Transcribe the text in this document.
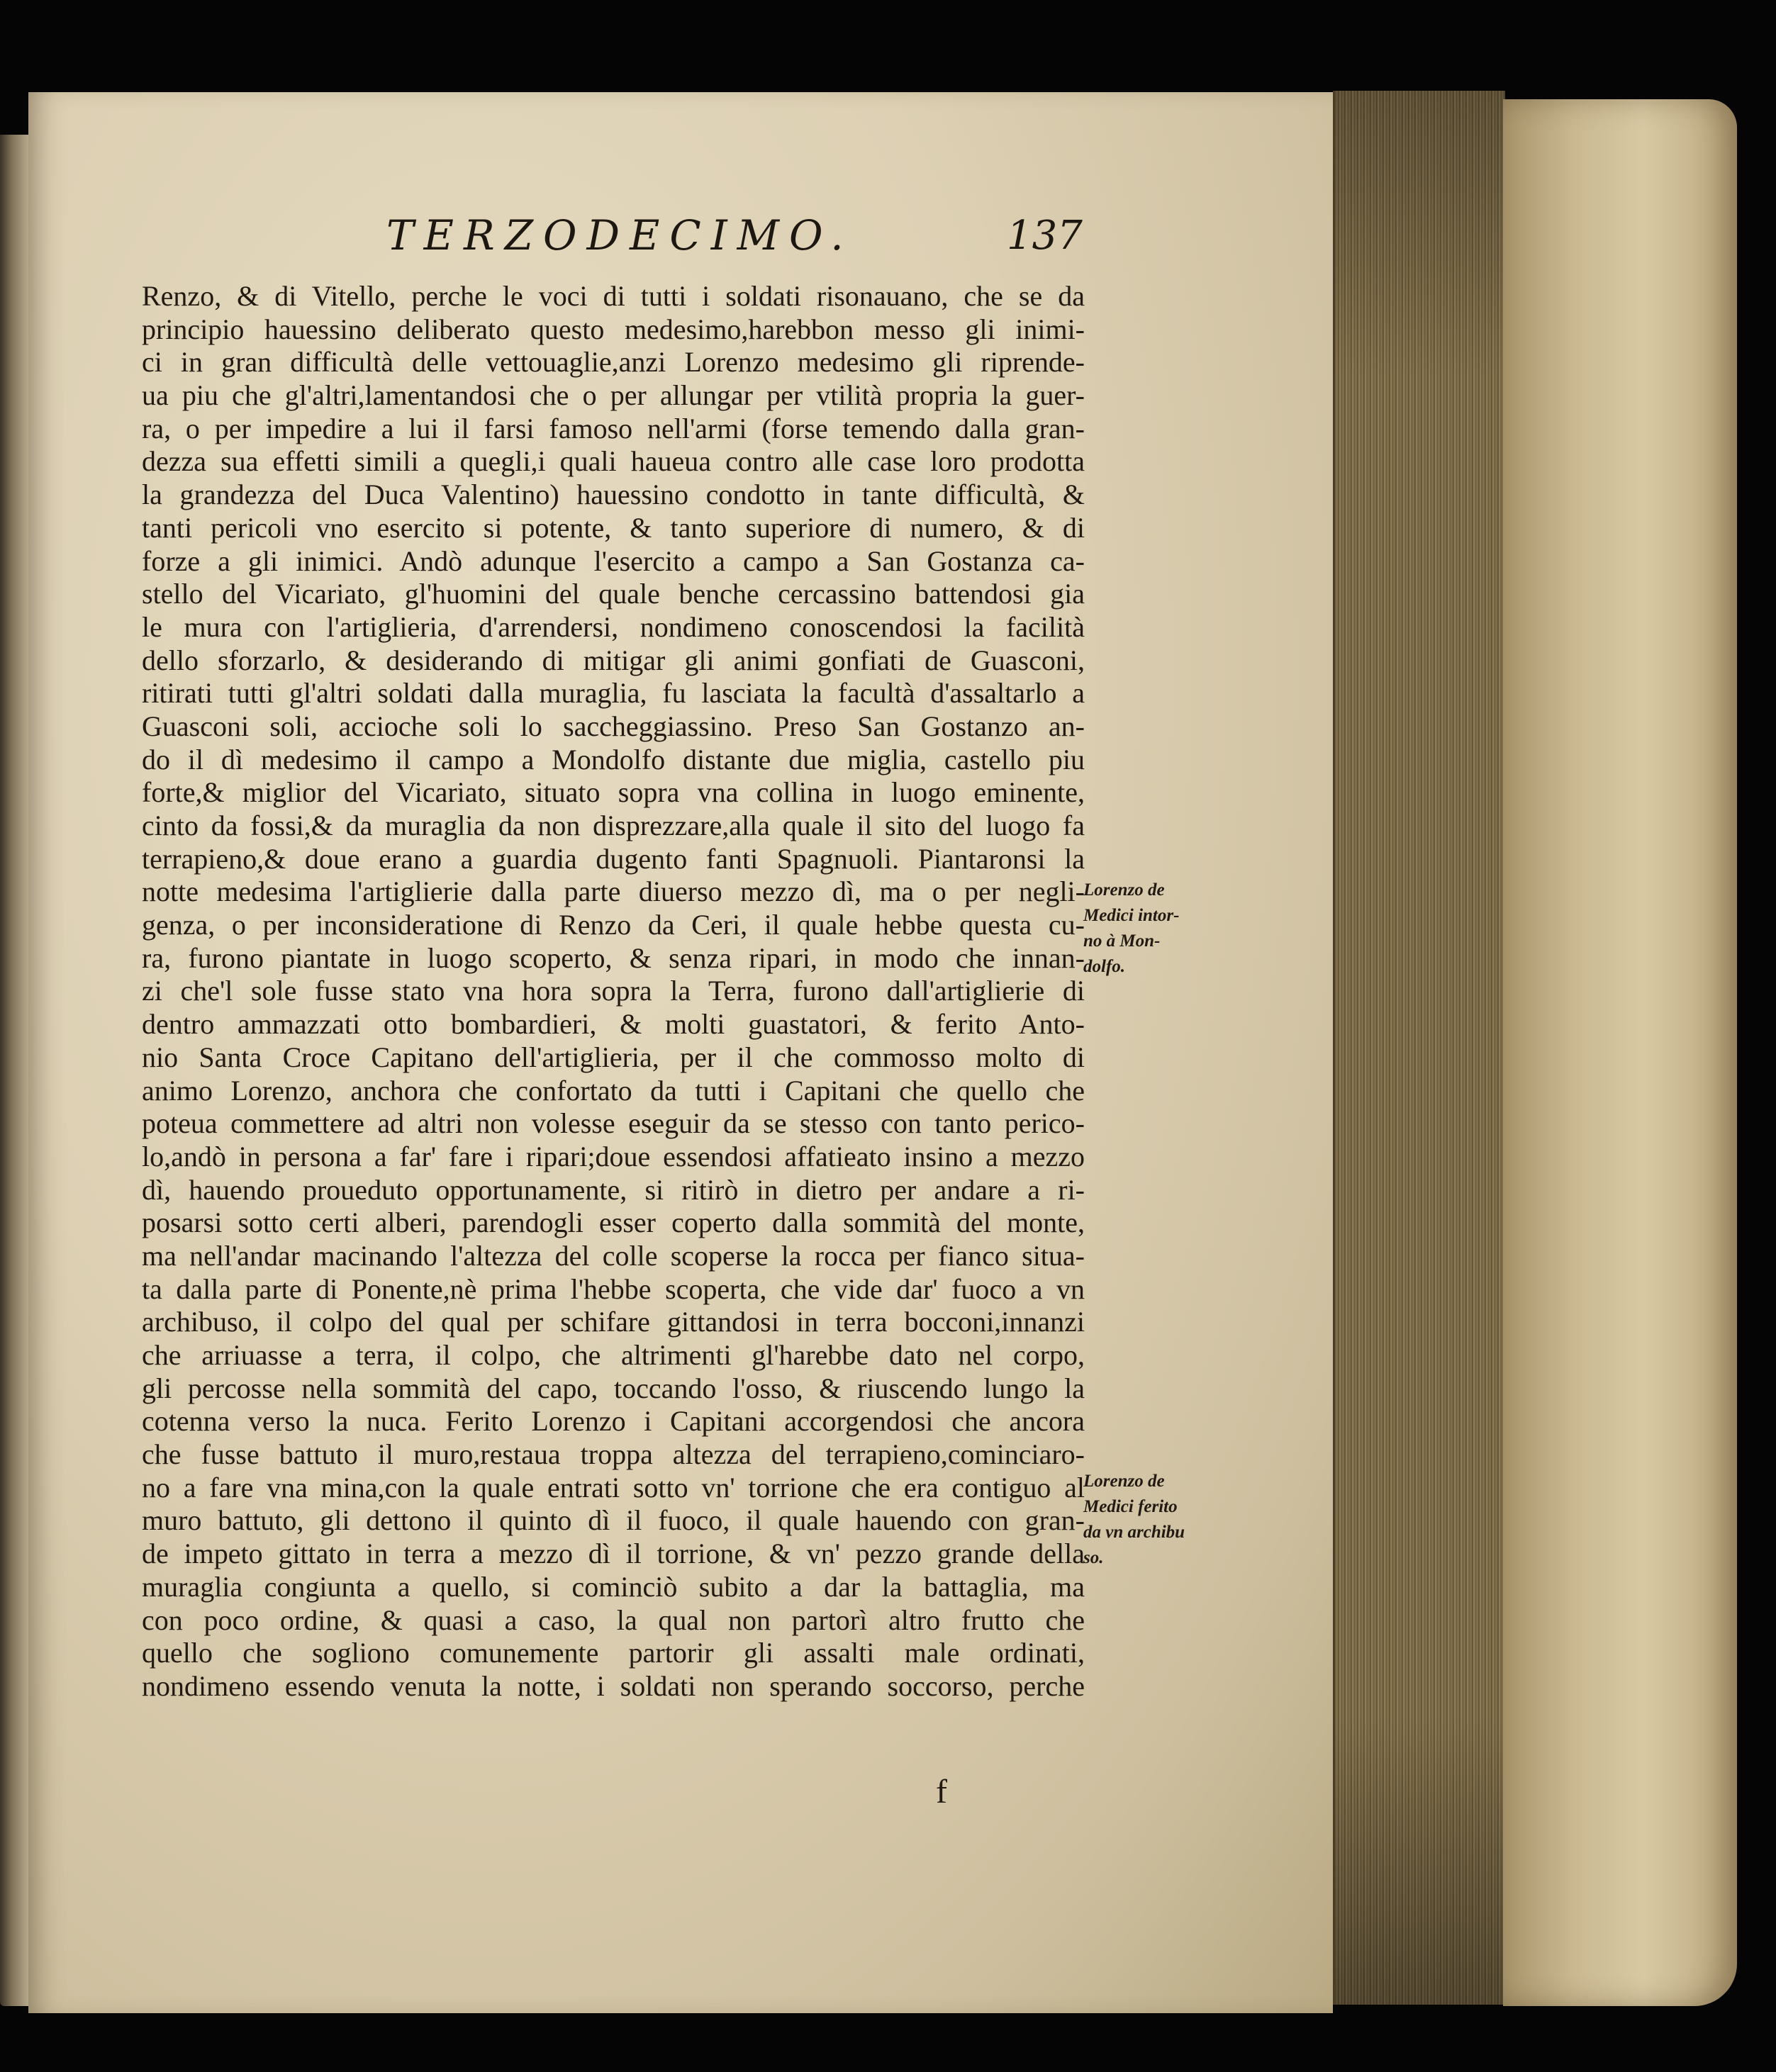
TERZODECIMO.	137
Renzo, & di Vitello, perche le voci di tutti i soldati risonauano, che se da
principio hauessino deliberato questo medesimo,harebbon messo gli inimi-
ci in gran difficultà delle vettouaglie,anzi Lorenzo medesimo gli riprende-
ua piu che gl'altri,lamentandosi che o per allungar per vtilità propria la guer-
ra, o per impedire a lui il farsi famoso nell'armi (forse temendo dalla gran-
dezza sua effetti simili a quegli,i quali haueua contro alle case loro prodotta
la grandezza del Duca Valentino) hauessino condotto in tante difficultà, &
tanti pericoli vno esercito si potente, & tanto superiore di numero, & di
forze a gli inimici. Andò adunque l'esercito a campo a San Gostanza ca-
stello del Vicariato, gl'huomini del quale benche cercassino battendosi gia
le mura con l'artiglieria, d'arrendersi, nondimeno conoscendosi la facilità
dello sforzarlo, & desiderando di mitigar gli animi gonfiati de Guasconi,
ritirati tutti gl'altri soldati dalla muraglia, fu lasciata la facultà d'assaltarlo a
Guasconi soli, accioche soli lo saccheggiassino. Preso San Gostanzo an-
do il dì medesimo il campo a Mondolfo distante due miglia, castello piu
forte,& miglior del Vicariato, situato sopra vna collina in luogo eminente,
cinto da fossi,& da muraglia da non disprezzare,alla quale il sito del luogo fa
terrapieno,& doue erano a guardia dugento fanti Spagnuoli. Piantaronsi la
notte medesima l'artiglierie dalla parte diuerso mezzo dì, ma o per negli-
genza, o per inconsideratione di Renzo da Ceri, il quale hebbe questa cu-
ra, furono piantate in luogo scoperto, & senza ripari, in modo che innan-
zi che'l sole fusse stato vna hora sopra la Terra, furono dall'artiglierie di
dentro ammazzati otto bombardieri, & molti guastatori, & ferito Anto-
nio Santa Croce Capitano dell'artiglieria, per il che commosso molto di
animo Lorenzo, anchora che confortato da tutti i Capitani che quello che
poteua commettere ad altri non volesse eseguir da se stesso con tanto perico-
lo,andò in persona a far' fare i ripari;doue essendosi affatieato insino a mezzo
dì, hauendo proueduto opportunamente, si ritirò in dietro per andare a ri-
posarsi sotto certi alberi, parendogli esser coperto dalla sommità del monte,
ma nell'andar macinando l'altezza del colle scoperse la rocca per fianco situa-
ta dalla parte di Ponente,nè prima l'hebbe scoperta, che vide dar' fuoco a vn
archibuso, il colpo del qual per schifare gittandosi in terra bocconi,innanzi
che arriuasse a terra, il colpo, che altrimenti gl'harebbe dato nel corpo,
gli percosse nella sommità del capo, toccando l'osso, & riuscendo lungo la
cotenna verso la nuca. Ferito Lorenzo i Capitani accorgendosi che ancora
che fusse battuto il muro,restaua troppa altezza del terrapieno,cominciaro-
no a fare vna mina,con la quale entrati sotto vn' torrione che era contiguo al
muro battuto, gli dettono il quinto dì il fuoco, il quale hauendo con gran-
de impeto gittato in terra a mezzo dì il torrione, & vn' pezzo grande della
muraglia congiunta a quello, si cominciò subito a dar la battaglia, ma
con poco ordine, & quasi a caso, la qual non partorì altro frutto che
quello che sogliono comunemente partorir gli assalti male ordinati,
nondimeno essendo venuta la notte, i soldati non sperando soccorso, perche
Lorenzo de
Medici intor-
no à Mon-
dolfo.
Lorenzo de
Medici ferito
da vn archibu
so.
f
